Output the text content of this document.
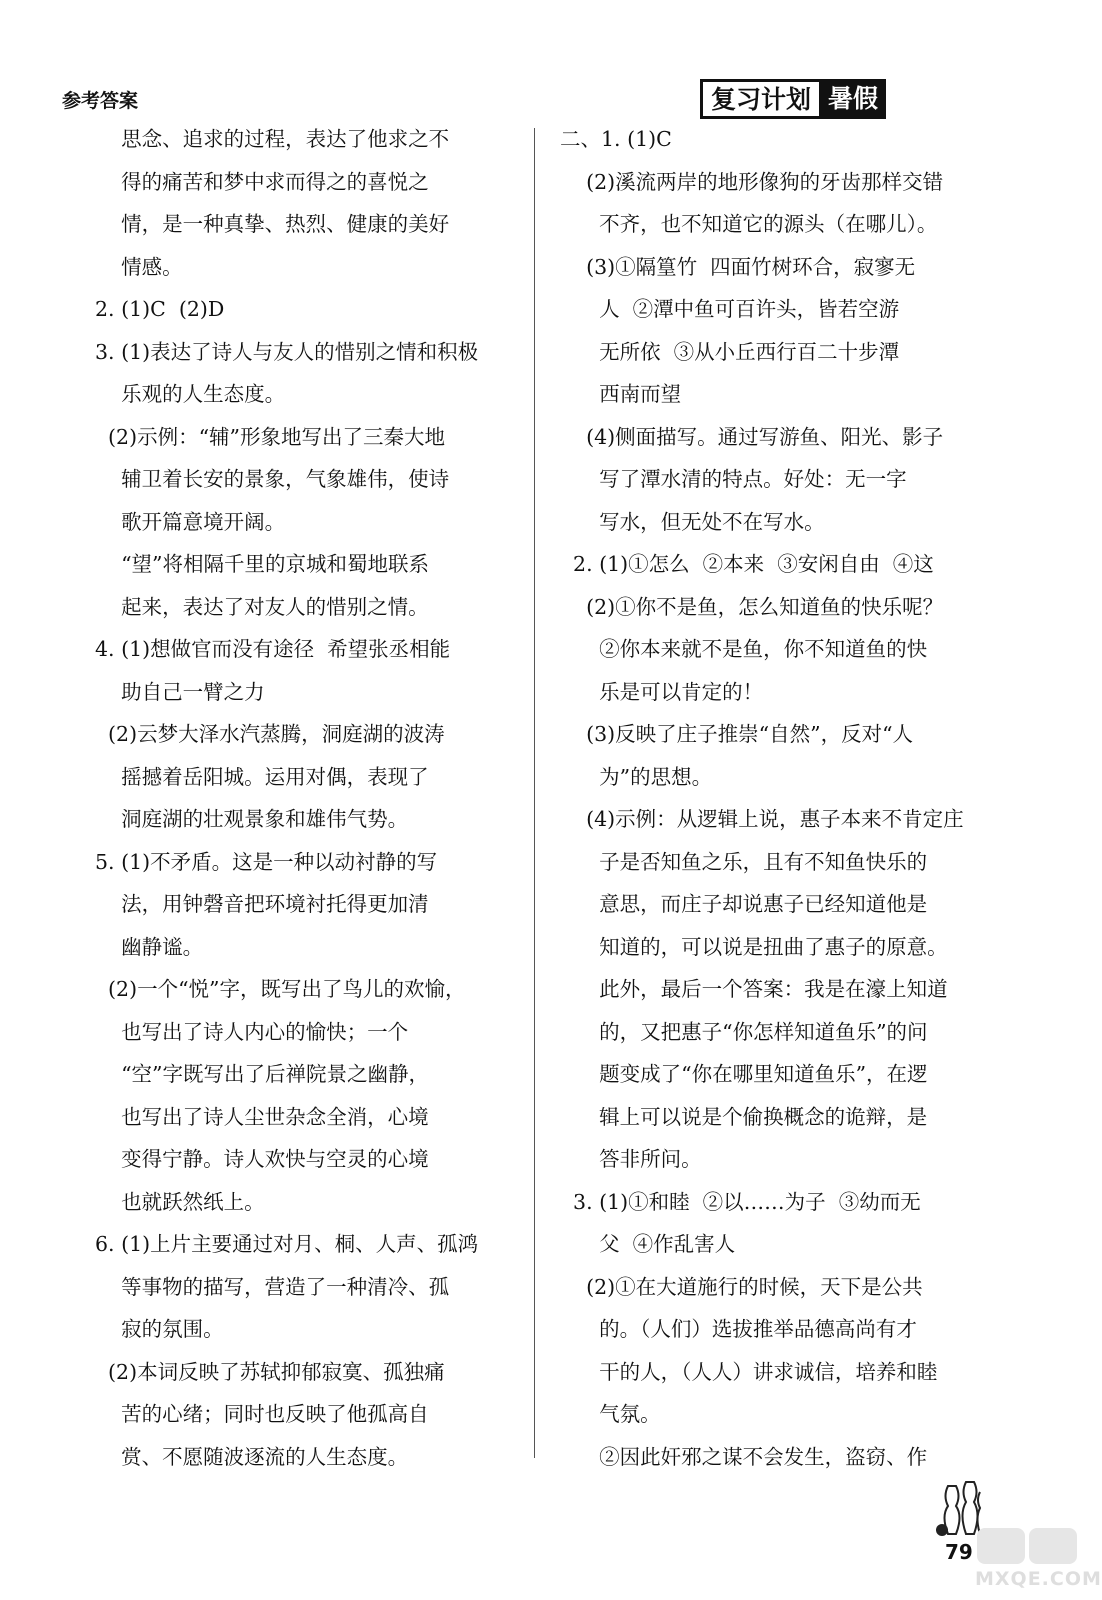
参考答案	复习计划 暑假
思念、追求的过程，表达了他求之不
得的痛苦和梦中求而得之的喜悦之
情，是一种真挚、热烈、健康的美好
情感。
2. (1)C  (2)D
3. (1)表达了诗人与友人的惜别之情和积极
乐观的人生态度。
(2)示例：“辅”形象地写出了三秦大地
辅卫着长安的景象，气象雄伟，使诗
歌开篇意境开阔。
“望”将相隔千里的京城和蜀地联系
起来，表达了对友人的惜别之情。
4. (1)想做官而没有途径  希望张丞相能
助自己一臂之力
(2)云梦大泽水汽蒸腾，洞庭湖的波涛
摇撼着岳阳城。运用对偶，表现了
洞庭湖的壮观景象和雄伟气势。
5. (1)不矛盾。这是一种以动衬静的写
法，用钟磬音把环境衬托得更加清
幽静谧。
(2)一个“悦”字，既写出了鸟儿的欢愉，
也写出了诗人内心的愉快；一个
“空”字既写出了后禅院景之幽静，
也写出了诗人尘世杂念全消，心境
变得宁静。诗人欢快与空灵的心境
也就跃然纸上。
6. (1)上片主要通过对月、桐、人声、孤鸿
等事物的描写，营造了一种清冷、孤
寂的氛围。
(2)本词反映了苏轼抑郁寂寞、孤独痛
苦的心绪；同时也反映了他孤高自
赏、不愿随波逐流的人生态度。
二、1. (1)C
(2)溪流两岸的地形像狗的牙齿那样交错
不齐，也不知道它的源头（在哪儿）。
(3)①隔篁竹  四面竹树环合，寂寥无
人  ②潭中鱼可百许头，皆若空游
无所依  ③从小丘西行百二十步潭
西南而望
(4)侧面描写。通过写游鱼、阳光、影子
写了潭水清的特点。好处：无一字
写水，但无处不在写水。
2. (1)①怎么  ②本来  ③安闲自由  ④这
(2)①你不是鱼，怎么知道鱼的快乐呢？
②你本来就不是鱼，你不知道鱼的快
乐是可以肯定的！
(3)反映了庄子推崇“自然”，反对“人
为”的思想。
(4)示例：从逻辑上说，惠子本来不肯定庄
子是否知鱼之乐，且有不知鱼快乐的
意思，而庄子却说惠子已经知道他是
知道的，可以说是扭曲了惠子的原意。
此外，最后一个答案：我是在濠上知道
的，又把惠子“你怎样知道鱼乐”的问
题变成了“你在哪里知道鱼乐”，在逻
辑上可以说是个偷换概念的诡辩，是
答非所问。
3. (1)①和睦  ②以……为子  ③幼而无
父  ④作乱害人
(2)①在大道施行的时候，天下是公共
的。（人们）选拔推举品德高尚有才
干的人，（人人）讲求诚信，培养和睦
气氛。
②因此奸邪之谋不会发生，盗窃、作
79
MXQE.COM
